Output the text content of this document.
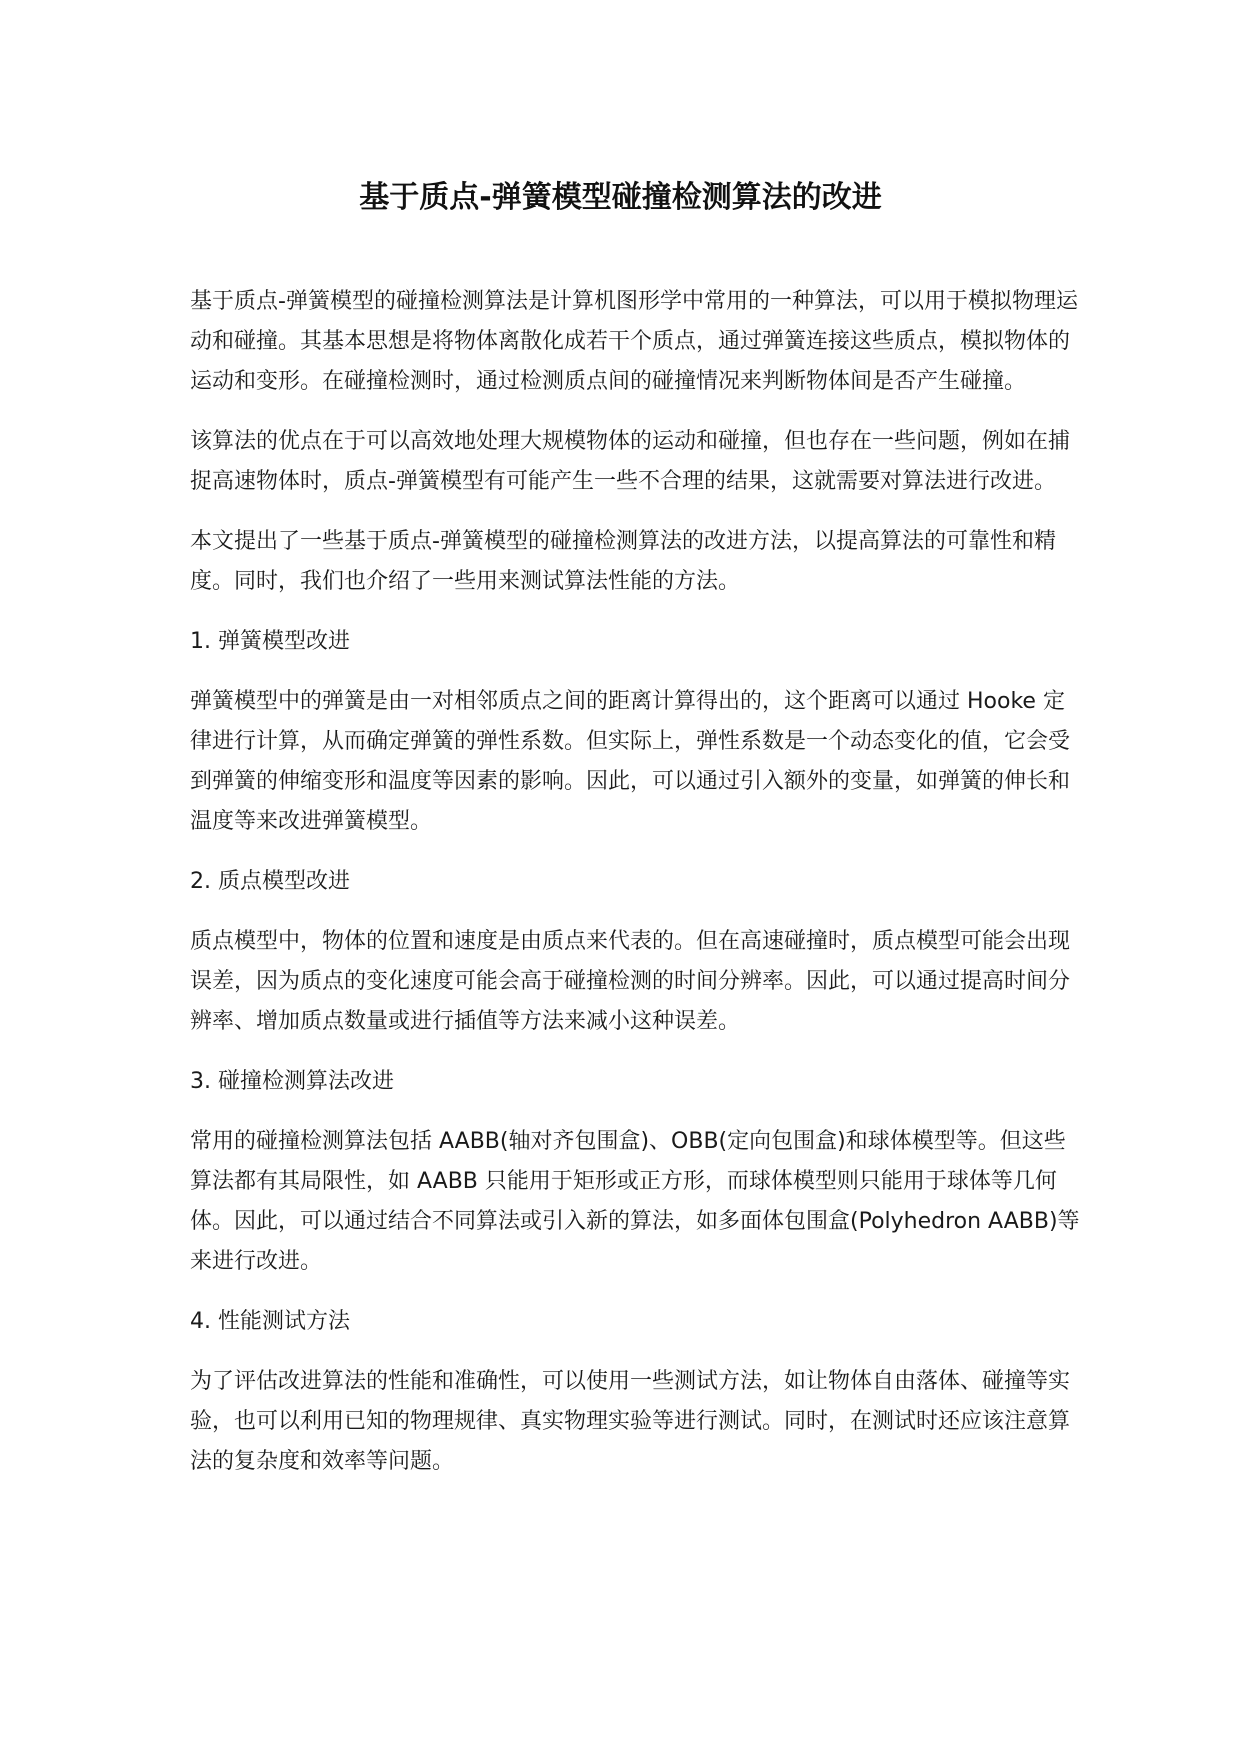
基于质点-弹簧模型碰撞检测算法的改进

基于质点-弹簧模型的碰撞检测算法是计算机图形学中常用的一种算法，可以用于模拟物理运动和碰撞。其基本思想是将物体离散化成若干个质点，通过弹簧连接这些质点，模拟物体的运动和变形。在碰撞检测时，通过检测质点间的碰撞情况来判断物体间是否产生碰撞。

该算法的优点在于可以高效地处理大规模物体的运动和碰撞，但也存在一些问题，例如在捕捉高速物体时，质点-弹簧模型有可能产生一些不合理的结果，这就需要对算法进行改进。

本文提出了一些基于质点-弹簧模型的碰撞检测算法的改进方法，以提高算法的可靠性和精度。同时，我们也介绍了一些用来测试算法性能的方法。

1. 弹簧模型改进

弹簧模型中的弹簧是由一对相邻质点之间的距离计算得出的，这个距离可以通过 Hooke 定律进行计算，从而确定弹簧的弹性系数。但实际上，弹性系数是一个动态变化的值，它会受到弹簧的伸缩变形和温度等因素的影响。因此，可以通过引入额外的变量，如弹簧的伸长和温度等来改进弹簧模型。

2. 质点模型改进

质点模型中，物体的位置和速度是由质点来代表的。但在高速碰撞时，质点模型可能会出现误差，因为质点的变化速度可能会高于碰撞检测的时间分辨率。因此，可以通过提高时间分辨率、增加质点数量或进行插值等方法来减小这种误差。

3. 碰撞检测算法改进

常用的碰撞检测算法包括 AABB(轴对齐包围盒)、OBB(定向包围盒)和球体模型等。但这些算法都有其局限性，如 AABB 只能用于矩形或正方形，而球体模型则只能用于球体等几何体。因此，可以通过结合不同算法或引入新的算法，如多面体包围盒(Polyhedron AABB)等来进行改进。

4. 性能测试方法

为了评估改进算法的性能和准确性，可以使用一些测试方法，如让物体自由落体、碰撞等实验，也可以利用已知的物理规律、真实物理实验等进行测试。同时，在测试时还应该注意算法的复杂度和效率等问题。
